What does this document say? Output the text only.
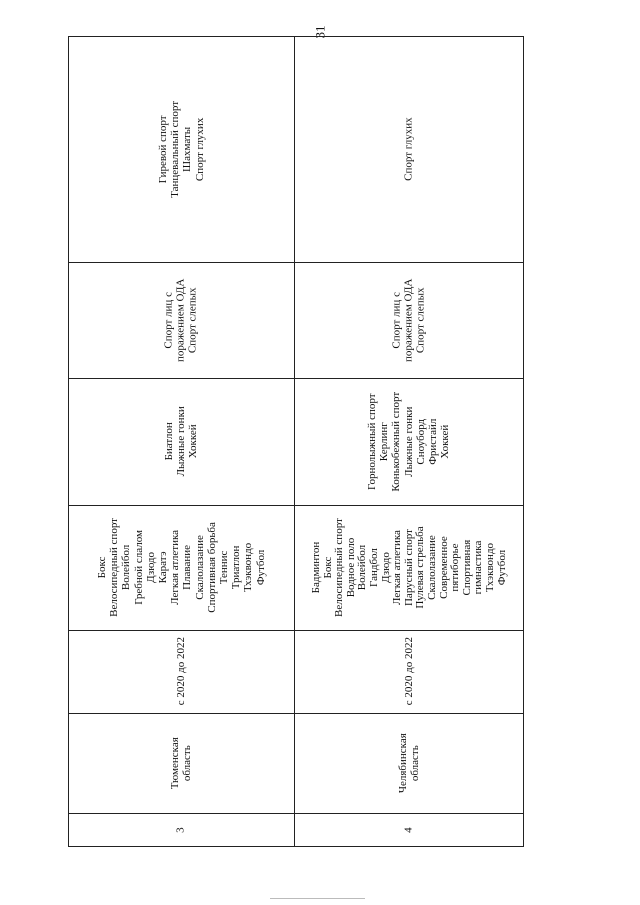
31
Гиревой спорт Танцевальный спорт Шахматы Спорт глухих
Спорт лиц с поражением ОДА Спорт слепых
Биатлон Лыжные гонки Хоккей
Бокс Велосипедный спорт Волейбол Гребной слалом Дзюдо Каратэ Легкая атлетика Плавание Скалолазание Спортивная борьба Теннис Триатлон Тхэквондо Футбол
с 2020 до 2022
Тюменская область
3
Спорт глухих
Спорт лиц с поражением ОДА Спорт слепых
Горнолыжный спорт Керлинг Конькобежный спорт Лыжные гонки Сноуборд Фристайл Хоккей
Бадминтон Бокс Велосипедный спорт Водное поло Волейбол Гандбол Дзюдо Легкая атлетика Парусный спорт Пулевая стрельба Скалолазание Современное пятиборье Спортивная гимнастика Тхэквондо Футбол
с 2020 до 2022
Челябинская область
4
